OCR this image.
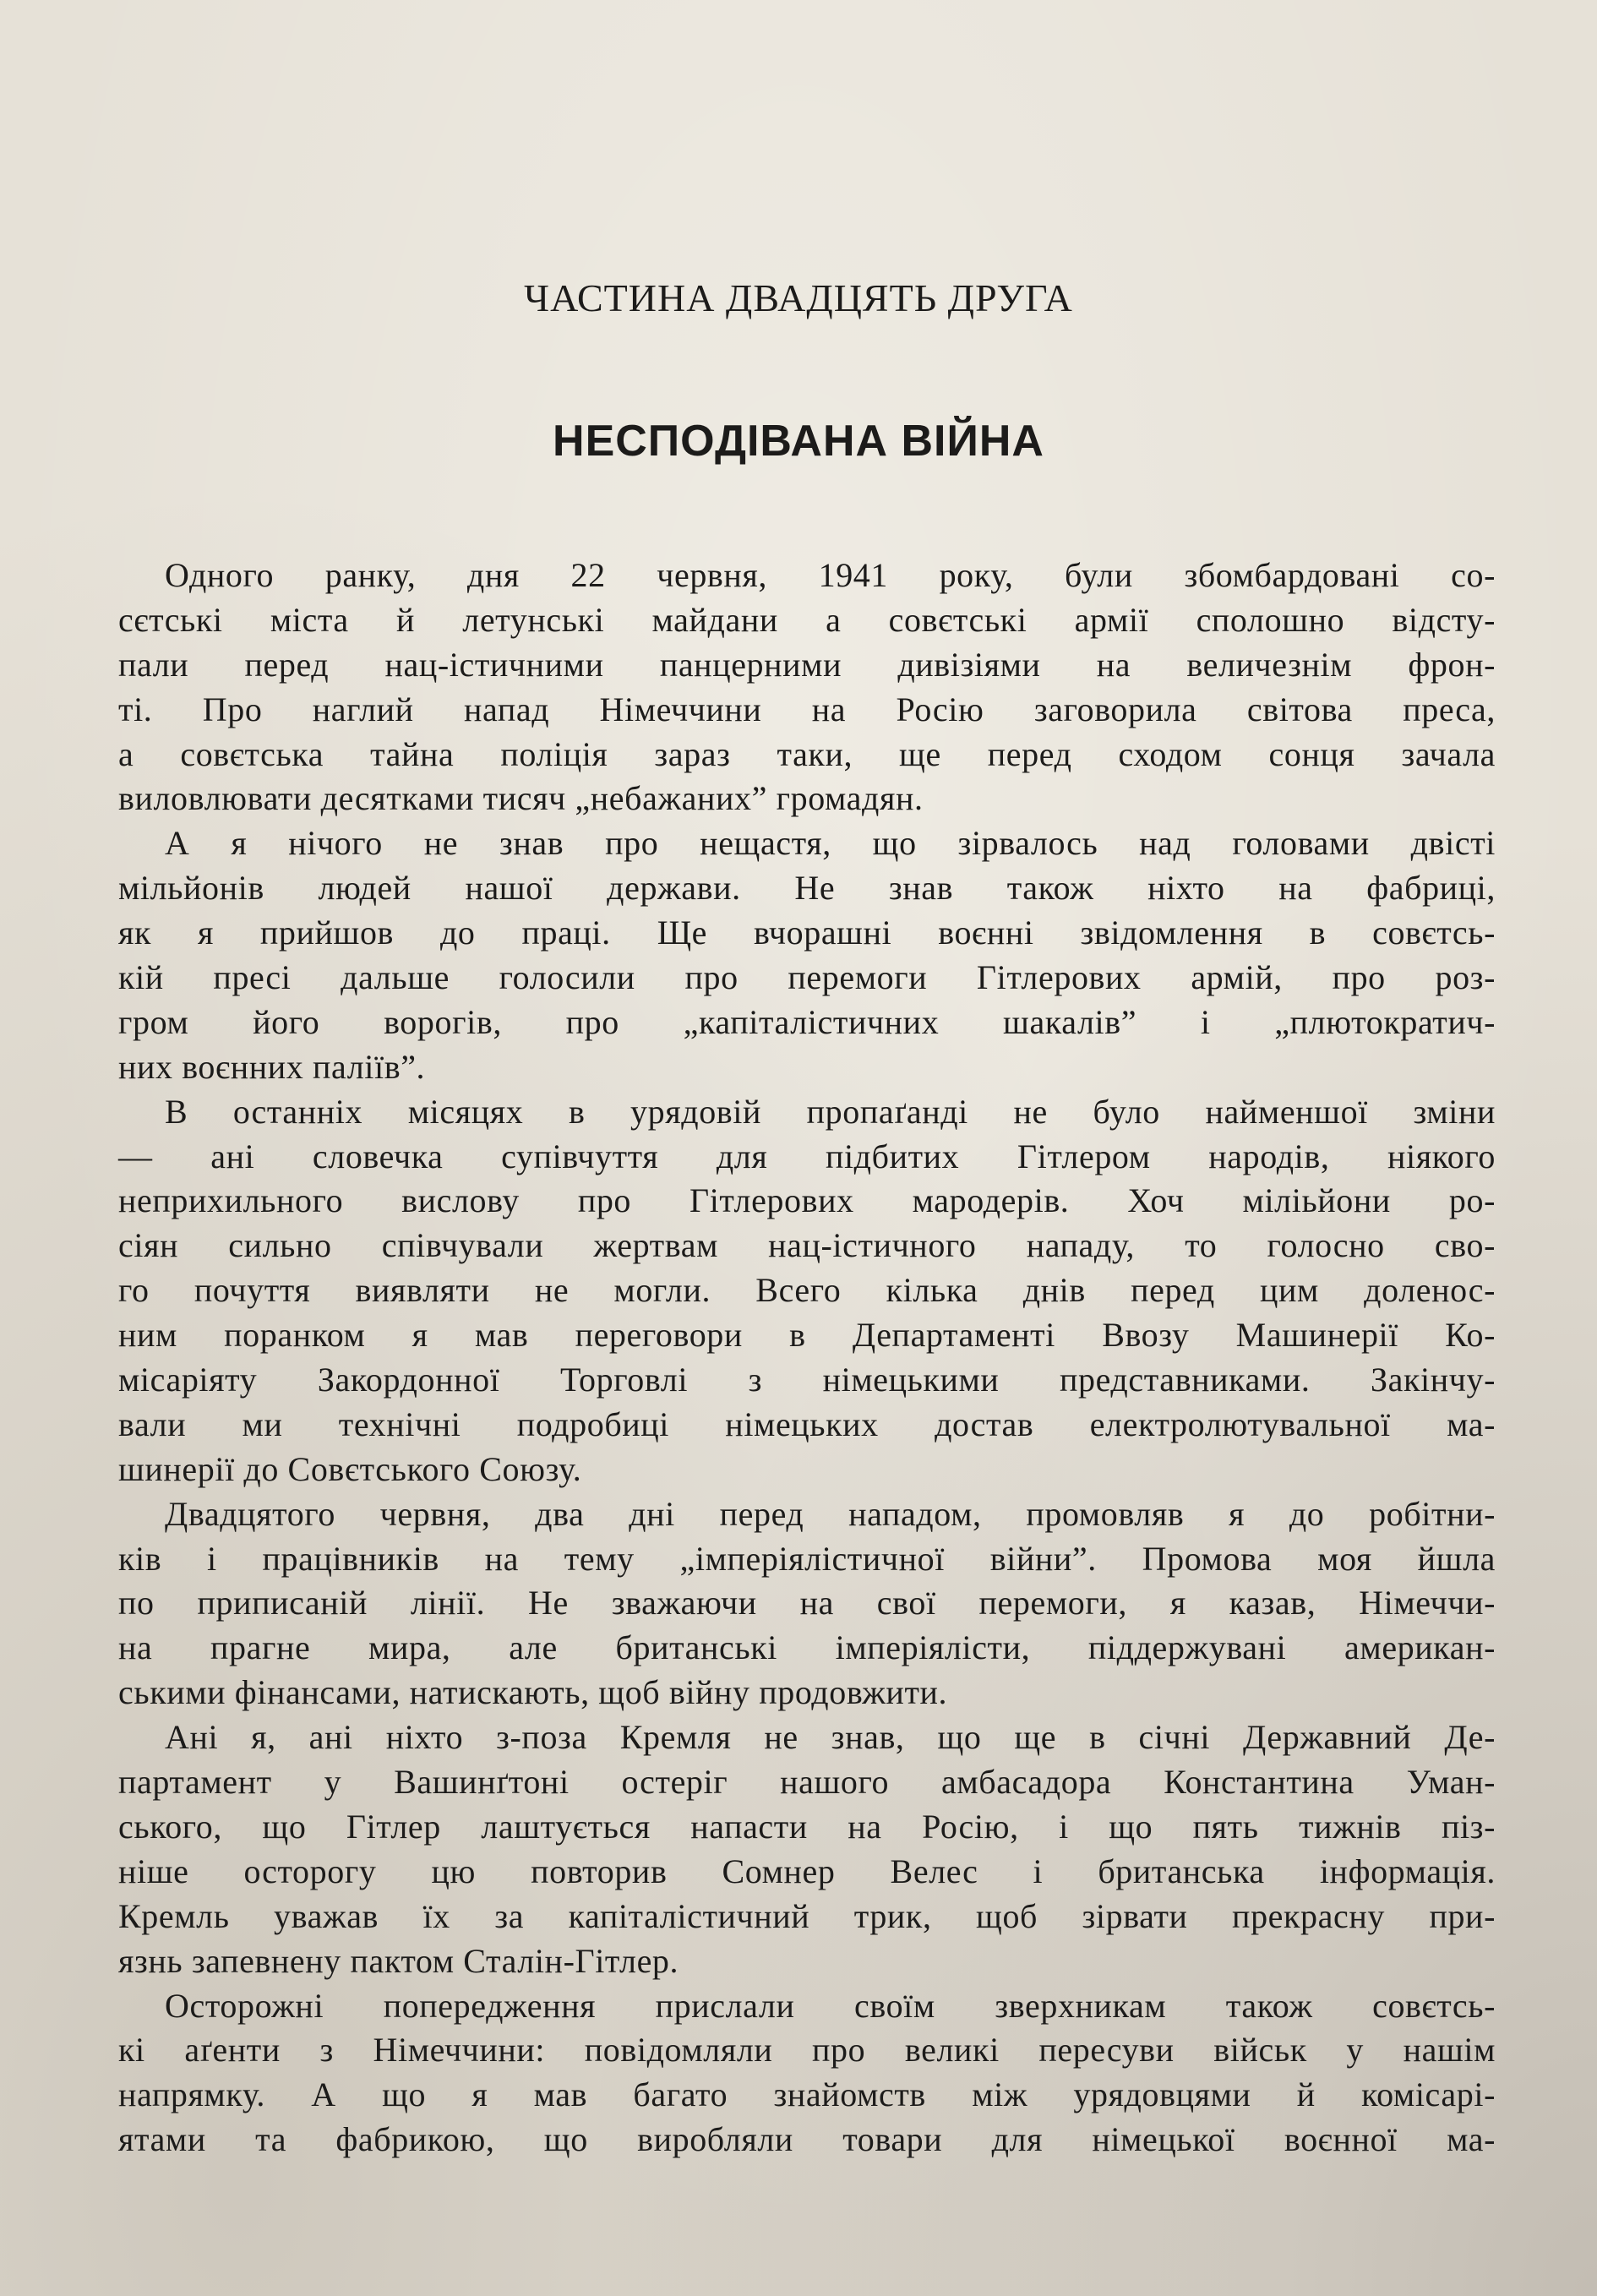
ЧАСТИНА ДВАДЦЯТЬ ДРУГА
НЕСПОДІВАНА ВІЙНА
Одного ранку, дня 22 червня, 1941 року, були збомбардовані со-
сєтські міста й летунські майдани а совєтські армії сполошно відсту-
пали перед нац-істичними панцерними дивізіями на величезнім фрон-
ті. Про наглий напад Німеччини на Росію заговорила світова преса,
а совєтська тайна поліція зараз таки, ще перед сходом сонця зачала
виловлювати десятками тисяч „небажаних” громадян.
А я нічого не знав про нещастя, що зірвалось над головами двісті
мільйонів людей нашої держави. Не знав також ніхто на фабриці,
як я прийшов до праці. Ще вчорашні воєнні звідомлення в совєтсь-
кій пресі дальше голосили про перемоги Гітлерових армій, про роз-
гром його ворогів, про „капіталістичних шакалів” і „плютократич-
них воєнних паліїв”.
В останніх місяцях в урядовій пропаґанді не було найменшої зміни
— ані словечка супівчуття для підбитих Гітлером народів, ніякого
неприхильного вислову про Гітлерових мародерів. Хоч міліьйони ро-
сіян сильно співчували жертвам нац-істичного нападу, то голосно сво-
го почуття виявляти не могли. Всего кілька днів перед цим доленос-
ним поранком я мав переговори в Департаменті Ввозу Машинерії Ко-
місаріяту Закордонної Торговлі з німецькими представниками. Закінчу-
вали ми технічні подробиці німецьких достав електролютувальної ма-
шинерії до Совєтського Союзу.
Двадцятого червня, два дні перед нападом, промовляв я до робітни-
ків і працівників на тему „імперіялістичної війни”. Промова моя йшла
по приписаній лінії. Не зважаючи на свої перемоги, я казав, Німеччи-
на прагне мира, але британські імперіялісти, піддержувані американ-
ськими фінансами, натискають, щоб війну продовжити.
Ані я, ані ніхто з-поза Кремля не знав, що ще в січні Державний Де-
партамент у Вашинґтоні остеріг нашого амбасадора Константина Уман-
ського, що Гітлер лаштується напасти на Росію, і що пять тижнів піз-
ніше осторогу цю повторив Сомнер Велес і британська інформація.
Кремль уважав їх за капіталістичний трик, щоб зірвати прекрасну при-
язнь запевнену пактом Сталін-Гітлер.
Осторожні попередження прислали своїм зверхникам також совєтсь-
кі аґенти з Німеччини: повідомляли про великі пересуви військ у нашім
напрямку. А що я мав багато знайомств між урядовцями й комісарі-
ятами та фабрикою, що виробляли товари для німецької воєнної ма-
